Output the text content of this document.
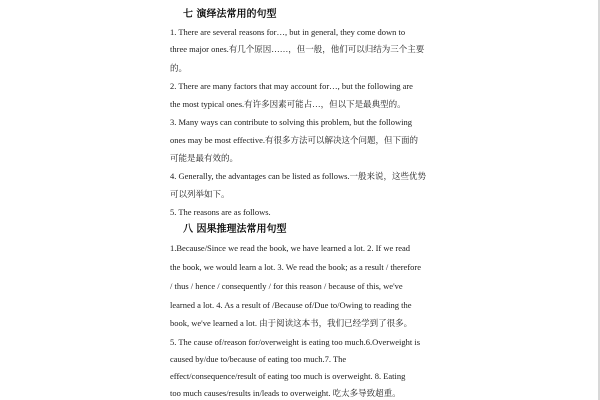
七 演绎法常用的句型
1. There are several reasons for…, but in general, they come down to
three major ones.有几个原因……，但一般，他们可以归结为三个主要
的。
2. There are many factors that may account for…, but the following are
the most typical ones.有许多因素可能占…，但以下是最典型的。
3. Many ways can contribute to solving this problem, but the following
ones may be most effective.有很多方法可以解决这个问题，但下面的
可能是最有效的。
4. Generally, the advantages can be listed as follows.一般来说，这些优势
可以列举如下。
5. The reasons are as follows.
八 因果推理法常用句型
1.Because/Since we read the book, we have learned a lot. 2. If we read
the book, we would learn a lot. 3. We read the book; as a result / therefore
/ thus / hence / consequently / for this reason / because of this, we've
learned a lot. 4. As a result of /Because of/Due to/Owing to reading the
book, we've learned a lot. 由于阅读这本书，我们已经学到了很多。
5. The cause of/reason for/overweight is eating too much.6.Overweight is
caused by/due to/because of eating too much.7. The
effect/consequence/result of eating too much is overweight. 8. Eating
too much causes/results in/leads to overweight. 吃太多导致超重。
